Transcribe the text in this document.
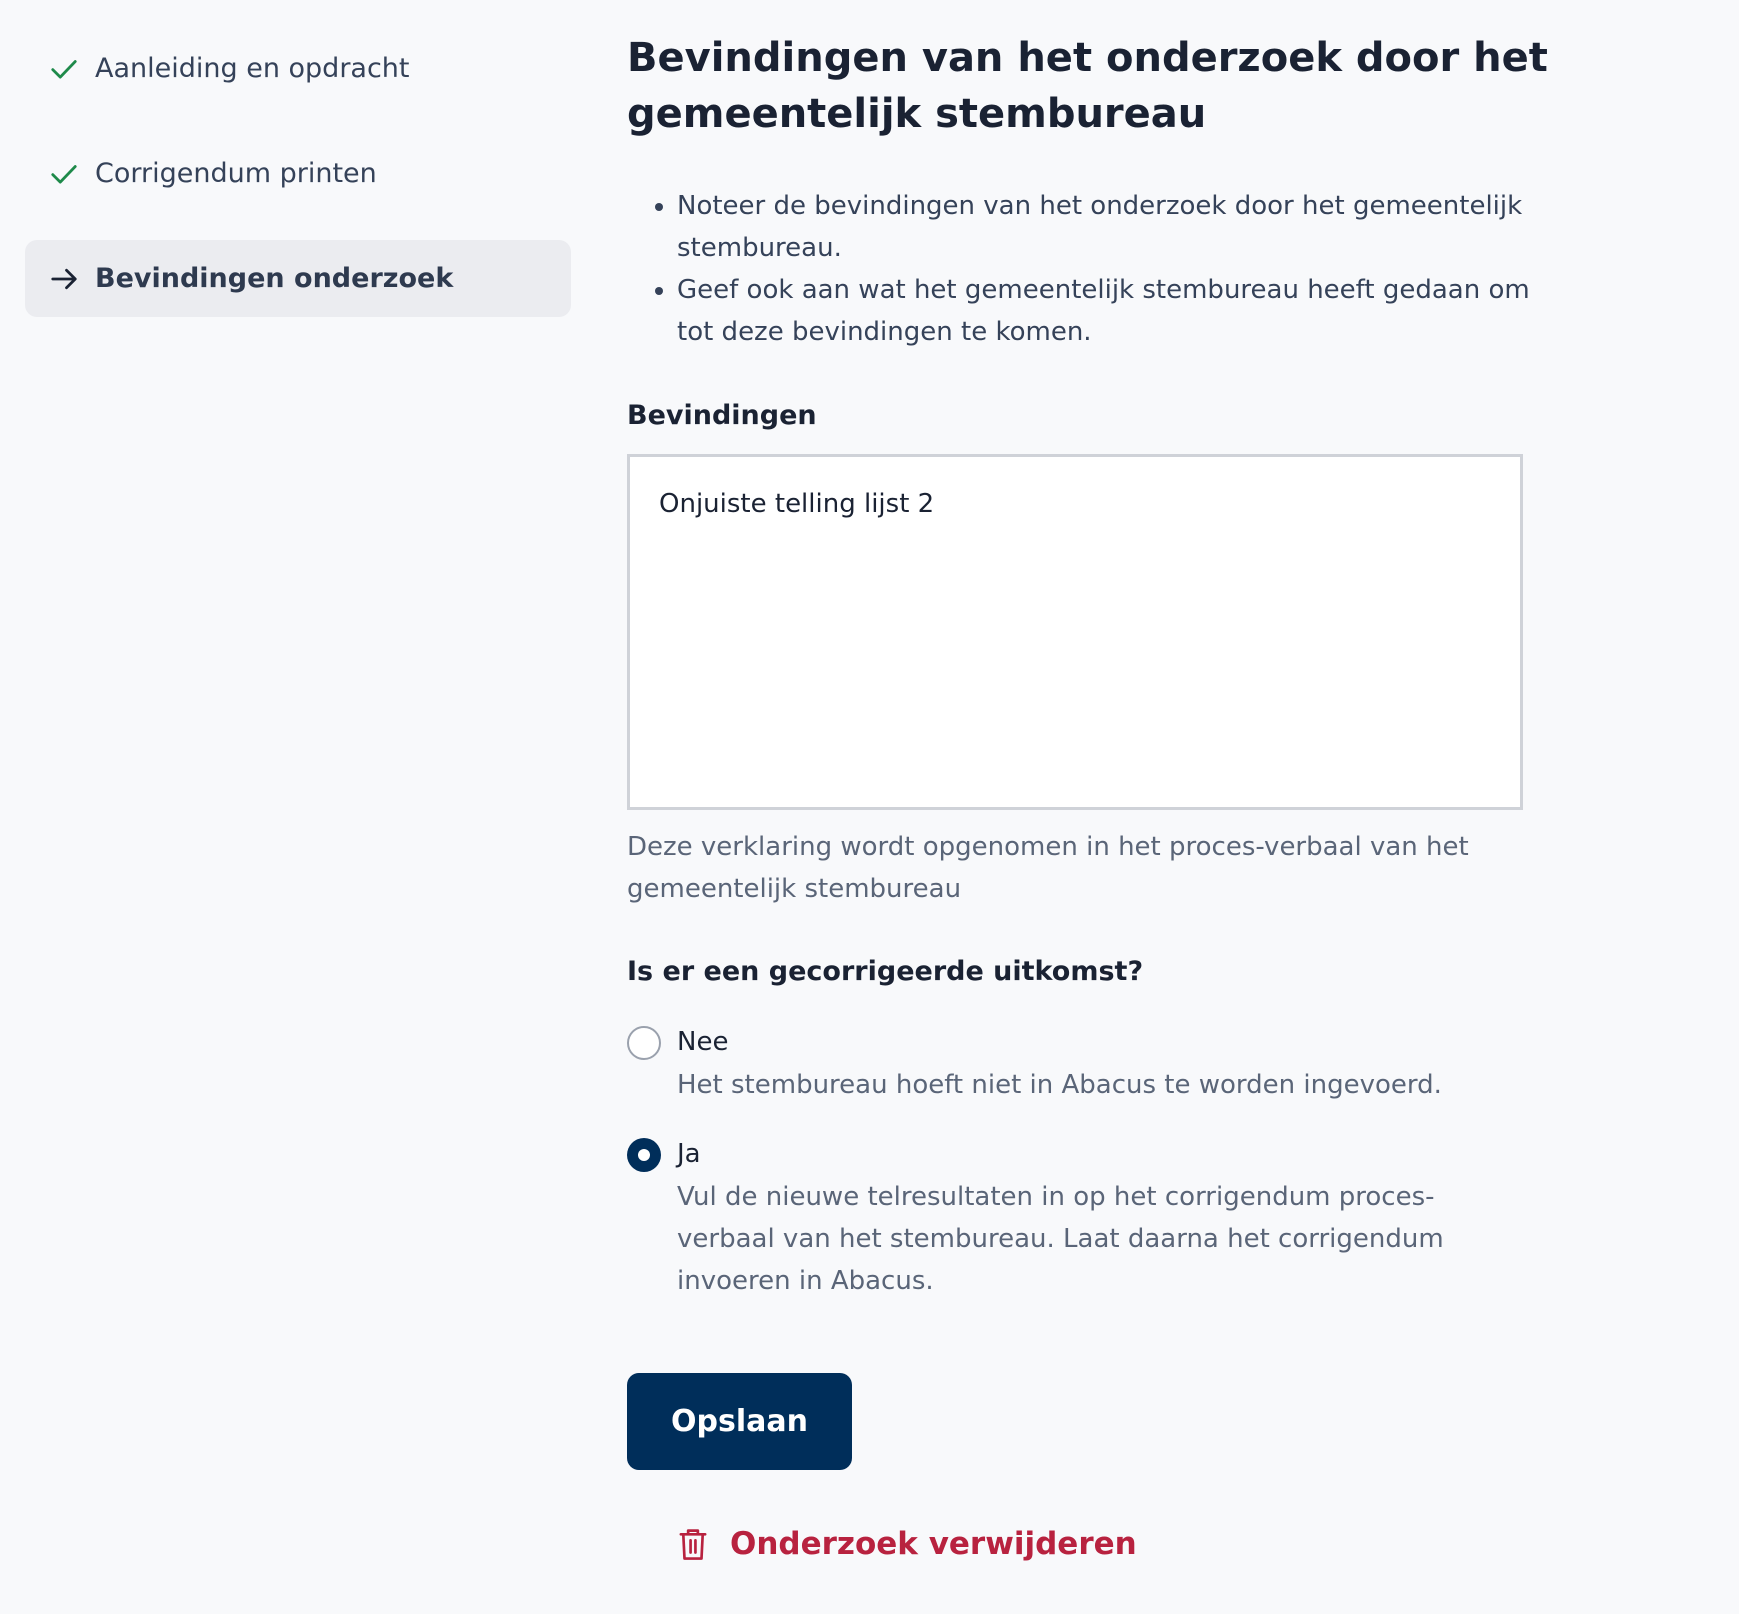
Aanleiding en opdracht
Corrigendum printen
Bevindingen onderzoek
Bevindingen van het onderzoek door het gemeentelijk stembureau
• Noteer de bevindingen van het onderzoek door het gemeentelijk stembureau.
• Geef ook aan wat het gemeentelijk stembureau heeft gedaan om tot deze bevindingen te komen.
Bevindingen
Onjuiste telling lijst 2
Deze verklaring wordt opgenomen in het proces-verbaal van het gemeentelijk stembureau
Is er een gecorrigeerde uitkomst?
Nee
Het stembureau hoeft niet in Abacus te worden ingevoerd.
Ja
Vul de nieuwe telresultaten in op het corrigendum proces-verbaal van het stembureau. Laat daarna het corrigendum invoeren in Abacus.
Opslaan
Onderzoek verwijderen
